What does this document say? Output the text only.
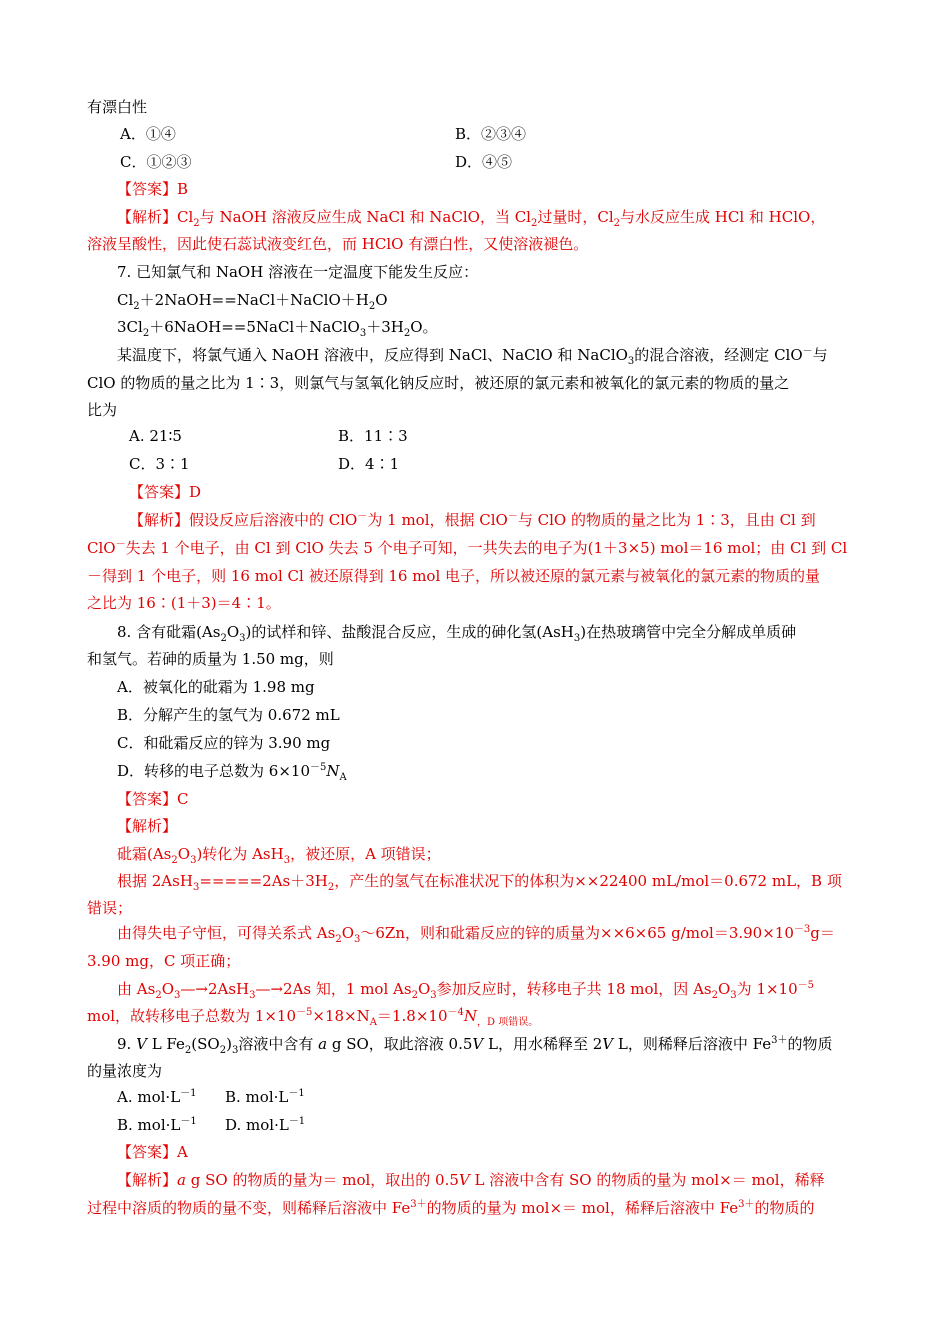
有漂白性
A．①④	B．②③④
C．①②③	D．④⑤
【答案】B
【解析】$Cl_2$与 NaOH 溶液反应生成 NaCl 和 NaClO，当 $Cl_2$过量时，$Cl_2$与水反应生成 HCl 和 HClO，
溶液呈酸性，因此使石蕊试液变红色，而 HClO 有漂白性，又使溶液褪色。
7. 已知氯气和 NaOH 溶液在一定温度下能发生反应：
$Cl_2+2NaOH==NaCl+NaClO+H_2O$
$3Cl_2+6NaOH==5NaCl+NaClO_3+3H_2O$。
某温度下，将氯气通入 NaOH 溶液中，反应得到 NaCl、NaClO 和 NaClO$_3$的混合溶液，经测定 ClO－与
ClO 的物质的量之比为 1∶3，则氯气与氢氧化钠反应时，被还原的氯元素和被氧化的氯元素的物质的量之
比为
A. 21∶5	B．11∶3
C．3∶1	D．4∶1
【答案】D
【解析】假设反应后溶液中的 ClO－为 1 mol，根据 ClO－与 ClO 的物质的量之比为 1∶3，且由 Cl 到
ClO－失去 1 个电子，由 Cl 到 ClO 失去 5 个电子可知，一共失去的电子为(1＋3×5) mol＝16 mol；由 Cl 到 Cl
－得到 1 个电子，则 16 mol Cl 被还原得到 16 mol 电子，所以被还原的氯元素与被氧化的氯元素的物质的量
之比为 16∶(1＋3)＝4∶1。
8. 含有砒霜$(As_2O_3)$的试样和锌、盐酸混合反应，生成的砷化氢(AsH$_3$)在热玻璃管中完全分解成单质砷
和氢气。若砷的质量为 1.50 mg，则
A．被氧化的砒霜为 1.98 mg
B．分解产生的氢气为 0.672 mL
C．和砒霜反应的锌为 3.90 mg
D．转移的电子总数为 $6\times 10^{-5}N_A$
【答案】C
【解析】
砒霜$(As_2O_3)$转化为 AsH$_3$，被还原，A 项错误；
根据 $2AsH_3=====2As+3H_2$，产生的氢气在标准状况下的体积为××22400 mL/mol＝0.672 mL，B 项
错误；
由得失电子守恒，可得关系式 $As_2O_3\sim 6Zn$，则和砒霜反应的锌的质量为××6×65 $g/mol=3.90\times 10^{-3}g=$
3.90 mg，C 项正确；
由 $As_2O_3—\to 2AsH_3—\to 2As$ 知，1 mol $As_2O_3$参加反应时，转移电子共 18 mol，因 $As_2O_3$为 $1\times 10^{-5}$
mol，故转移电子总数为 $1\times 10^{-5}\times 18\times N_A=1.8\times 10^{-4}N_{,D 项错误。}$
9. V L $Fe_2(SO_2)_3$溶液中含有 a g SO，取此溶液 0.5V L，用水稀释至 2V L，则稀释后溶液中 $Fe^{3+}$的物质
的量浓度为
A. $mol\cdot L^{-1}$ B. $mol\cdot L^{-1}$
B. $mol\cdot L^{-1}$ D. $mol\cdot L^{-1}$
【答案】A
【解析】a g SO 的物质的量为＝ mol，取出的 0.5V L 溶液中含有 SO 的物质的量为 mol×＝ mol，稀释
过程中溶质的物质的量不变，则稀释后溶液中 $Fe^{3+}$的物质的量为 mol×＝ mol，稀释后溶液中 $Fe^{3+}$的物质的
